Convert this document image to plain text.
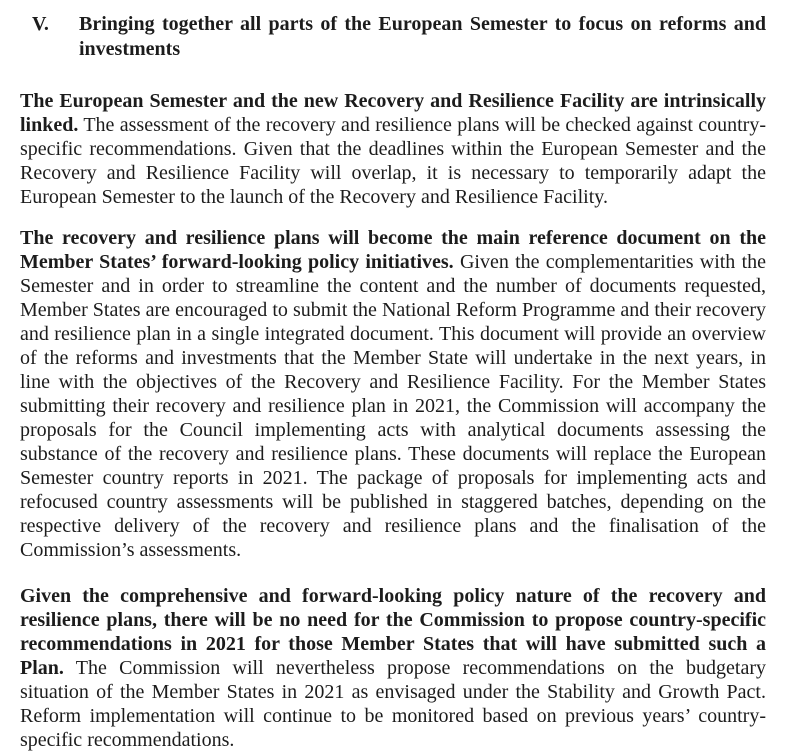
V.	Bringing together all parts of the European Semester to focus on reforms and investments

The European Semester and the new Recovery and Resilience Facility are intrinsically linked. The assessment of the recovery and resilience plans will be checked against country-specific recommendations. Given that the deadlines within the European Semester and the Recovery and Resilience Facility will overlap, it is necessary to temporarily adapt the European Semester to the launch of the Recovery and Resilience Facility.

The recovery and resilience plans will become the main reference document on the Member States’ forward-looking policy initiatives. Given the complementarities with the Semester and in order to streamline the content and the number of documents requested, Member States are encouraged to submit the National Reform Programme and their recovery and resilience plan in a single integrated document. This document will provide an overview of the reforms and investments that the Member State will undertake in the next years, in line with the objectives of the Recovery and Resilience Facility. For the Member States submitting their recovery and resilience plan in 2021, the Commission will accompany the proposals for the Council implementing acts with analytical documents assessing the substance of the recovery and resilience plans. These documents will replace the European Semester country reports in 2021. The package of proposals for implementing acts and refocused country assessments will be published in staggered batches, depending on the respective delivery of the recovery and resilience plans and the finalisation of the Commission’s assessments.

Given the comprehensive and forward-looking policy nature of the recovery and resilience plans, there will be no need for the Commission to propose country-specific recommendations in 2021 for those Member States that will have submitted such a Plan. The Commission will nevertheless propose recommendations on the budgetary situation of the Member States in 2021 as envisaged under the Stability and Growth Pact. Reform implementation will continue to be monitored based on previous years’ country-specific recommendations.
